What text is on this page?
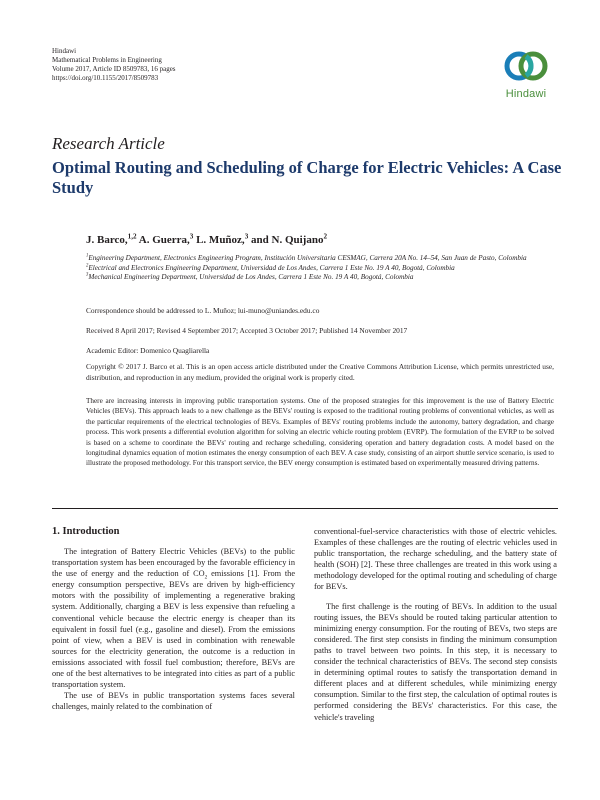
Hindawi
Mathematical Problems in Engineering
Volume 2017, Article ID 8509783, 16 pages
https://doi.org/10.1155/2017/8509783
Hindawi
Research Article
Optimal Routing and Scheduling of Charge for Electric Vehicles: A Case Study
J. Barco,$^{1,2}$ A. Guerra,$^3$ L. Muñoz,$^3$ and N. Quijano$^2$
$^1$Engineering Department, Electronics Engineering Program, Institución Universitaria CESMAG, Carrera 20A No. 14–54, San Juan de Pasto, Colombia
$^2$Electrical and Electronics Engineering Department, Universidad de Los Andes, Carrera 1 Este No. 19 A 40, Bogotá, Colombia
$^3$Mechanical Engineering Department, Universidad de Los Andes, Carrera 1 Este No. 19 A 40, Bogotá, Colombia
Correspondence should be addressed to L. Muñoz; lui-muno@uniandes.edu.co
Received 8 April 2017; Revised 4 September 2017; Accepted 3 October 2017; Published 14 November 2017
Academic Editor: Domenico Quagliarella
Copyright © 2017 J. Barco et al. This is an open access article distributed under the Creative Commons Attribution License, which permits unrestricted use, distribution, and reproduction in any medium, provided the original work is properly cited.
There are increasing interests in improving public transportation systems. One of the proposed strategies for this improvement is the use of Battery Electric Vehicles (BEVs). This approach leads to a new challenge as the BEVs' routing is exposed to the traditional routing problems of conventional vehicles, as well as the particular requirements of the electrical technologies of BEVs. Examples of BEVs' routing problems include the autonomy, battery degradation, and charge process. This work presents a differential evolution algorithm for solving an electric vehicle routing problem (EVRP). The formulation of the EVRP to be solved is based on a scheme to coordinate the BEVs' routing and recharge scheduling, considering operation and battery degradation costs. A model based on the longitudinal dynamics equation of motion estimates the energy consumption of each BEV. A case study, consisting of an airport shuttle service scenario, is used to illustrate the proposed methodology. For this transport service, the BEV energy consumption is estimated based on experimentally measured driving patterns.
1. Introduction

The integration of Battery Electric Vehicles (BEVs) to the public transportation system has been encouraged by the favorable efficiency in the use of energy and the reduction of $CO_2$ emissions [1]. From the energy consumption perspective, BEVs are driven by high-efficiency motors with the possibility of implementing a regenerative braking system. Additionally, charging a BEV is less expensive than refueling a conventional vehicle because the electric energy is cheaper than its equivalent in fossil fuel (e.g., gasoline and diesel). From the emissions point of view, when a BEV is used in combination with renewable sources for the electricity generation, the outcome is a reduction in emissions associated with fossil fuel combustion; therefore, BEVs are one of the best alternatives to be integrated into cities as part of a public transportation system.

The use of BEVs in public transportation systems faces several challenges, mainly related to the combination of

conventional-fuel-service characteristics with those of electric vehicles. Examples of these challenges are the routing of electric vehicles used in public transportation, the recharge scheduling, and the battery state of health (SOH) [2]. These three challenges are treated in this work using a methodology developed for the optimal routing and scheduling of charge for BEVs.

The first challenge is the routing of BEVs. In addition to the usual routing issues, the BEVs should be routed taking particular attention to minimizing energy consumption. For the routing of BEVs, two steps are considered. The first step consists in finding the minimum consumption paths to travel between two points. In this step, it is necessary to consider the technical characteristics of BEVs. The second step consists in determining optimal routes to satisfy the transportation demand in different places and at different schedules, while minimizing energy consumption. Similar to the first step, the calculation of optimal routes is performed considering the BEVs' characteristics. For this case, the vehicle's traveling
